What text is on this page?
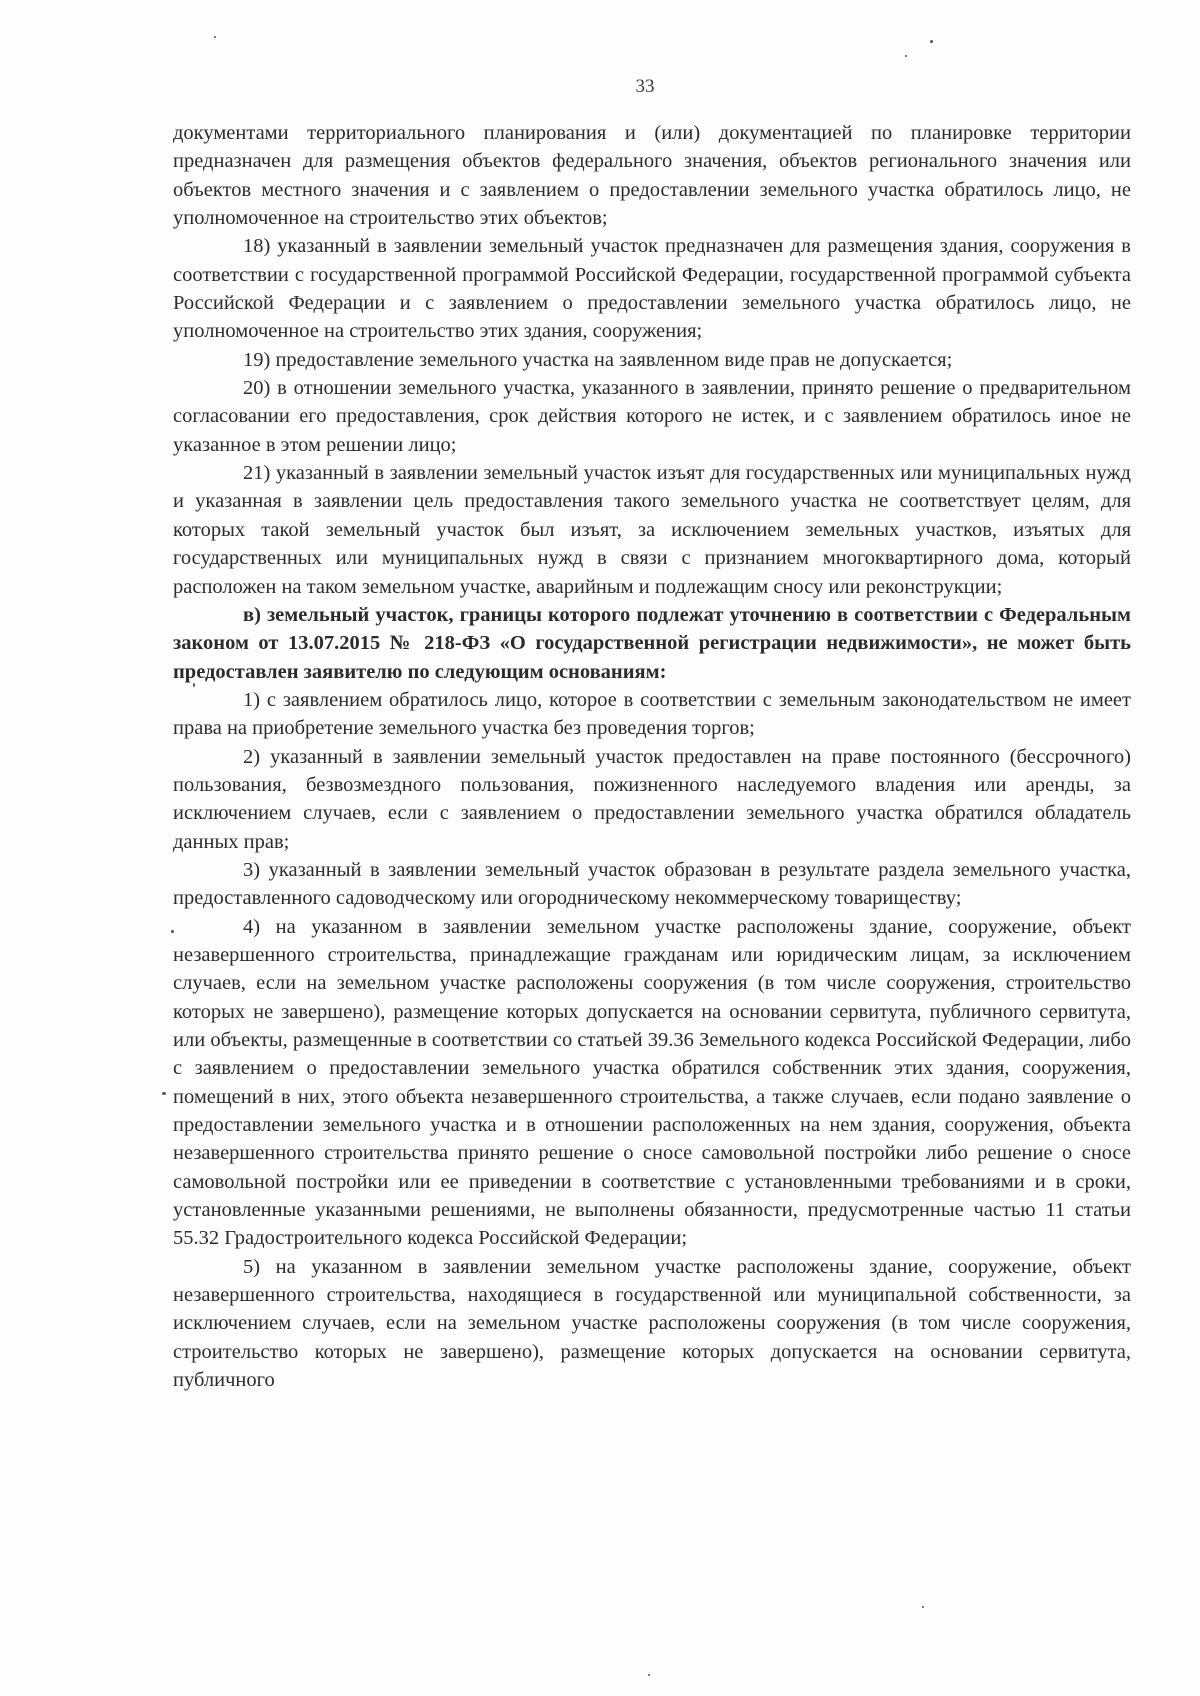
33

документами территориального планирования и (или) документацией по планировке территории предназначен для размещения объектов федерального значения, объектов регионального значения или объектов местного значения и с заявлением о предоставлении земельного участка обратилось лицо, не уполномоченное на строительство этих объектов;

18) указанный в заявлении земельный участок предназначен для размещения здания, сооружения в соответствии с государственной программой Российской Федерации, государственной программой субъекта Российской Федерации и с заявлением о предоставлении земельного участка обратилось лицо, не уполномоченное на строительство этих здания, сооружения;

19) предоставление земельного участка на заявленном виде прав не допускается;

20) в отношении земельного участка, указанного в заявлении, принято решение о предварительном согласовании его предоставления, срок действия которого не истек, и с заявлением обратилось иное не указанное в этом решении лицо;

21) указанный в заявлении земельный участок изъят для государственных или муниципальных нужд и указанная в заявлении цель предоставления такого земельного участка не соответствует целям, для которых такой земельный участок был изъят, за исключением земельных участков, изъятых для государственных или муниципальных нужд в связи с признанием многоквартирного дома, который расположен на таком земельном участке, аварийным и подлежащим сносу или реконструкции;

в) земельный участок, границы которого подлежат уточнению в соответствии с Федеральным законом от 13.07.2015 № 218-ФЗ «О государственной регистрации недвижимости», не может быть предоставлен заявителю по следующим основаниям:

1) с заявлением обратилось лицо, которое в соответствии с земельным законодательством не имеет права на приобретение земельного участка без проведения торгов;

2) указанный в заявлении земельный участок предоставлен на праве постоянного (бессрочного) пользования, безвозмездного пользования, пожизненного наследуемого владения или аренды, за исключением случаев, если с заявлением о предоставлении земельного участка обратился обладатель данных прав;

3) указанный в заявлении земельный участок образован в результате раздела земельного участка, предоставленного садоводческому или огородническому некоммерческому товариществу;

4) на указанном в заявлении земельном участке расположены здание, сооружение, объект незавершенного строительства, принадлежащие гражданам или юридическим лицам, за исключением случаев, если на земельном участке расположены сооружения (в том числе сооружения, строительство которых не завершено), размещение которых допускается на основании сервитута, публичного сервитута, или объекты, размещенные в соответствии со статьей 39.36 Земельного кодекса Российской Федерации, либо с заявлением о предоставлении земельного участка обратился собственник этих здания, сооружения, помещений в них, этого объекта незавершенного строительства, а также случаев, если подано заявление о предоставлении земельного участка и в отношении расположенных на нем здания, сооружения, объекта незавершенного строительства принято решение о сносе самовольной постройки либо решение о сносе самовольной постройки или ее приведении в соответствие с установленными требованиями и в сроки, установленные указанными решениями, не выполнены обязанности, предусмотренные частью 11 статьи 55.32 Градостроительного кодекса Российской Федерации;

5) на указанном в заявлении земельном участке расположены здание, сооружение, объект незавершенного строительства, находящиеся в государственной или муниципальной собственности, за исключением случаев, если на земельном участке расположены сооружения (в том числе сооружения, строительство которых не завершено), размещение которых допускается на основании сервитута, публичного
